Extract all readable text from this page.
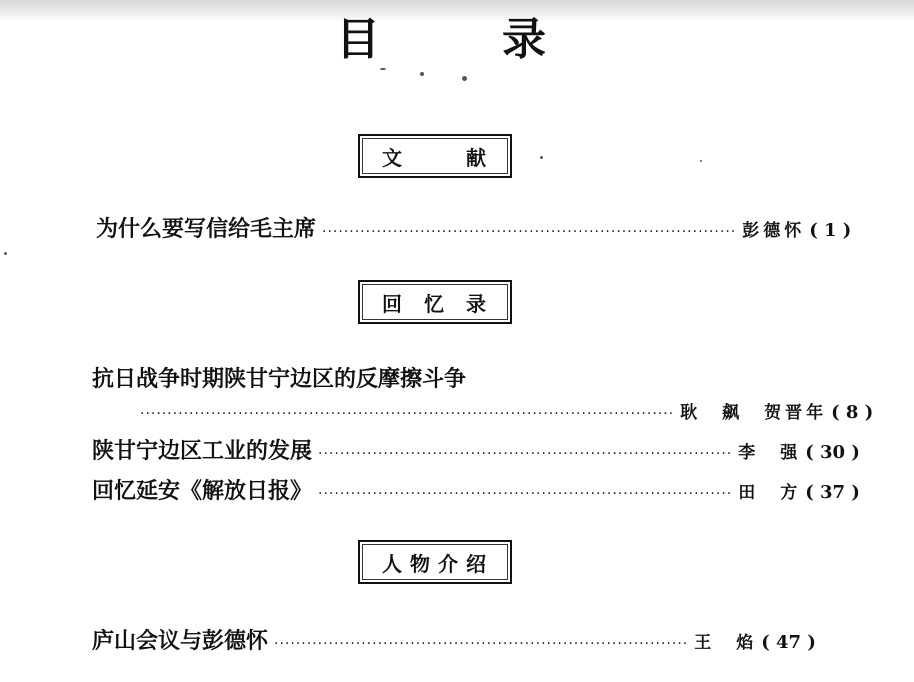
目	录
文	献
为什么要写信给毛主席 ············································································ 彭德怀 ( 1 )
回 忆 录
抗日战争时期陕甘宁边区的反摩擦斗争
·································································································· 耿　飙　贺晋年 ( 8 )
陕甘宁边区工业的发展 ············································································ 李　强 ( 30 )
回忆延安《解放日报》 ············································································ 田　方 ( 37 )
人 物 介 绍
庐山会议与彭德怀 ············································································ 王　焰 ( 47 )
